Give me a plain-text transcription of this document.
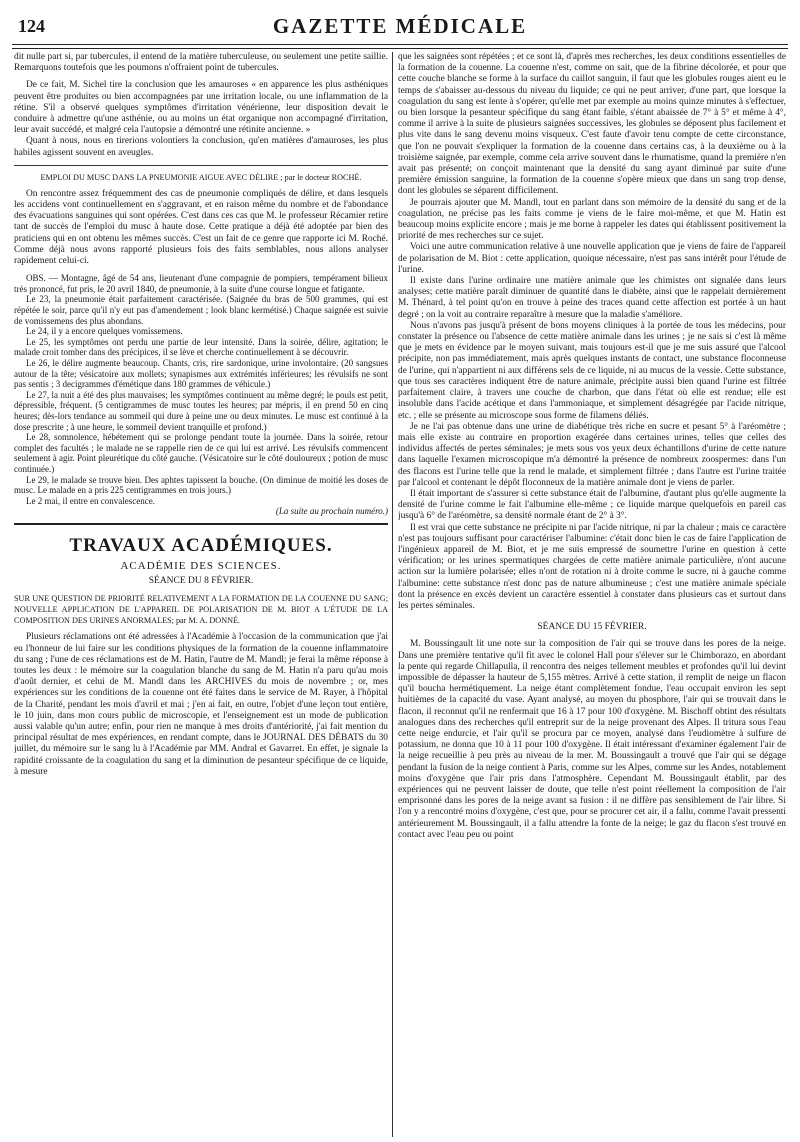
124	GAZETTE MÉDICALE

dit nulle part si, par tubercules, il entend de la matière tuberculeuse, ou seulement une petite saillie. Remarquons toutefois que les poumons n'offraient point de tubercules.

De ce fait, M. Sichel tire la conclusion que les amauroses « en apparence les plus asthéniques peuvent être produites ou bien accompagnées par une irritation locale, ou une inflammation de la rétine. S'il a observé quelques symptômes d'irritation vénérienne, leur disposition devait le conduire à admettre qu'une asthénie, ou au moins un état organique non accompagné d'irritation, leur avait succédé, et malgré cela l'autopsie a démontré une rétinite ancienne. »

Quant à nous, nous en tirerions volontiers la conclusion, qu'en matières d'amauroses, les plus habiles agissent souvent en aveugles.

EMPLOI DU MUSC DANS LA PNEUMONIE AIGUE AVEC DÉLIRE ; par le docteur ROCHÉ.

On rencontre assez fréquemment des cas de pneumonie compliqués de délire, et dans lesquels les accidens vont continuellement en s'aggravant, et en raison même du nombre et de l'abondance des évacuations sanguines qui sont opérées. C'est dans ces cas que M. le professeur Récamier retire tant de succès de l'emploi du musc à haute dose. Cette pratique a déjà été adoptée par bien des praticiens qui en ont obtenu les mêmes succès. C'est un fait de ce genre que rapporte ici M. Roché. Comme déjà nous avons rapporté plusieurs fois des faits semblables, nous allons analyser rapidement celui-ci.

OBS. — Montagne, âgé de 54 ans, lieutenant d'une compagnie de pompiers, tempérament bilieux très prononcé, fut pris, le 20 avril 1840, de pneumonie, à la suite d'une course longue et fatigante.

Le 23, la pneumonie était parfaitement caractérisée. (Saignée du bras de 500 grammes, qui est répétée le soir, parce qu'il n'y eut pas d'amendement ; look blanc kermétisé.) Chaque saignée est suivie de vomissemens des plus abondans.

Le 24, il y a encore quelques vomissemens.

Le 25, les symptômes ont perdu une partie de leur intensité. Dans la soirée, délire, agitation; le malade croit tomber dans des précipices, il se lève et cherche continuellement à se découvrir.

Le 26, le délire augmente beaucoup. Chants, cris, rire sardonique, urine involontaire. (20 sangsues autour de la tête; vésicatoire aux mollets; synapismes aux extrémités inférieures; les révulsifs ne sont pas sentis ; 3 decigrammes d'émétique dans 180 grammes de véhicule.)

Le 27, la nuit a été des plus mauvaises; les symptômes continuent au même degré; le pouls est petit, dépressible, fréquent. (5 centigrammes de musc toutes les heures; par mépris, il en prend 50 en cinq heures; dès-lors tendance au sommeil qui dure à peine une ou deux minutes. Le musc est continué à la dose prescrite ; à une heure, le sommeil devient tranquille et profond.)

Le 28, somnolence, hébétement qui se prolonge pendant toute la journée. Dans la soirée, retour complet des facultés ; le malade ne se rappelle rien de ce qui lui est arrivé. Les révulsifs commencent seulement à agir. Point pleurétique du côté gauche. (Vésicatoire sur le côté douloureux ; potion de musc continuée.)

Le 29, le malade se trouve bien. Des aphtes tapissent la bouche. (On diminue de moitié les doses de musc. Le malade en a pris 225 centigrammes en trois jours.)

Le 2 mai, il entre en convalescence.

(La suite au prochain numéro.)

TRAVAUX ACADÉMIQUES.
ACADÉMIE DES SCIENCES.
SÉANCE DU 8 FÉVRIER.
SUR UNE QUESTION DE PRIORITÉ RELATIVEMENT A LA FORMATION DE LA COUENNE DU SANG; NOUVELLE APPLICATION DE L'APPAREIL DE POLARISATION DE M. BIOT A L'ÉTUDE DE LA COMPOSITION DES URINES ANORMALES; par M. A. DONNÉ.

Plusieurs réclamations ont été adressées à l'Académie à l'occasion de la communication que j'ai eu l'honneur de lui faire sur les conditions physiques de la formation de la couenne inflammatoire du sang ; l'une de ces réclamations est de M. Hatin, l'autre de M. Mandl; je ferai la même réponse à toutes les deux : le mémoire sur la coagulation blanche du sang de M. Hatin n'a paru qu'au mois d'août dernier, et celui de M. Mandl dans les ARCHIVES du mois de novembre ; or, mes expériences sur les conditions de la couenne ont été faites dans le service de M. Rayer, à l'hôpital de la Charité, pendant les mois d'avril et mai ; j'en ai fait, en outre, l'objet d'une leçon tout entière, le 10 juin, dans mon cours public de microscopie, et l'enseignement est un mode de publication aussi valable qu'un autre; enfin, pour rien ne manque à mes droits d'antériorité, j'ai fait mention du principal résultat de mes expériences, en rendant compte, dans le JOURNAL DES DÉBATS du 30 juillet, du mémoire sur le sang lu à l'Académie par MM. Andral et Gavarret. En effet, je signale la rapidité croissante de la coagulation du sang et la diminution de pesanteur spécifique de ce liquide, à mesure

que les saignées sont répétées ; et ce sont là, d'après mes recherches, les deux conditions essentielles de la formation de la couenne. La couenne n'est, comme on sait, que de la fibrine décolorée, et pour que cette couche blanche se forme à la surface du caillot sanguin, il faut que les globules rouges aient eu le temps de s'abaisser au-dessous du niveau du liquide; ce qui ne peut arriver, d'une part, que lorsque la coagulation du sang est lente à s'opérer, qu'elle met par exemple au moins quinze minutes à s'effectuer, ou bien lorsque la pesanteur spécifique du sang étant faible, s'étant abaissée de 7° à 5° et même à 4°, comme il arrive à la suite de plusieurs saignées successives, les globules se déposent plus facilement et plus vite dans le sang devenu moins visqueux. C'est faute d'avoir tenu compte de cette circonstance, que l'on ne pouvait s'expliquer la formation de la couenne dans certains cas, à la deuxième ou à la troisième saignée, par exemple, comme cela arrive souvent dans le rhumatisme, quand la première n'en avait pas présenté; on conçoit maintenant que la densité du sang ayant diminué par suite d'une première émission sanguine, la formation de la couenne s'opère mieux que dans un sang trop dense, dont les globules se séparent difficilement.

Je pourrais ajouter que M. Mandl, tout en parlant dans son mémoire de la densité du sang et de la coagulation, ne précise pas les faits comme je viens de le faire moi-même, et que M. Hatin est beaucoup moins explicite encore ; mais je me borne à rappeler les dates qui établissent positivement la priorité de mes recherches sur ce sujet.

Voici une autre communication relative à une nouvelle application que je viens de faire de l'appareil de polarisation de M. Biot : cette application, quoique nécessaire, n'est pas sans intérêt pour l'étude de l'urine.

Il existe dans l'urine ordinaire une matière animale que les chimistes ont signalée dans leurs analyses; cette matière paraît diminuer de quantité dans le diabète, ainsi que le rappelait dernièrement M. Thénard, à tel point qu'on en trouve à peine des traces quand cette affection est portée à un haut degré ; on la voit au contraire reparaître à mesure que la maladie s'améliore.

Nous n'avons pas jusqu'à présent de bons moyens cliniques à la portée de tous les médecins, pour constater la présence ou l'absence de cette matière animale dans les urines ; je ne sais si c'est là même que je mets en évidence par le moyen suivant, mais toujours est-il que je me suis assuré que l'alcool précipite, non pas immédiatement, mais après quelques instants de contact, une substance floconneuse de l'urine, qui n'appartient ni aux différens sels de ce liquide, ni au mucus de la vessie. Cette substance, que tous ses caractères indiquent être de nature animale, précipite aussi bien quand l'urine est filtrée parfaitement claire, à travers une couche de charbon, que dans l'état où elle est rendue; elle est insoluble dans l'acide acétique et dans l'ammoniaque, et simplement désagrégée par l'acide nitrique, etc. ; elle se présente au microscope sous forme de filamens déliés.

Je ne l'ai pas obtenue dans une urine de diabétique très riche en sucre et pesant 5° à l'aréomètre ; mais elle existe au contraire en proportion exagérée dans certaines urines, telles que celles des individus affectés de pertes séminales; je mets sous vos yeux deux échantillons d'urine de cette nature dans laquelle l'examen microscopique m'a démontré la présence de nombreux zoospermes: dans l'un des flacons est l'urine telle que la rend le malade, et simplement filtrée ; dans l'autre est l'urine traitée par l'alcool et contenant le dépôt floconneux de la matière animale dont je viens de parler.

Il était important de s'assurer si cette substance était de l'albumine, d'autant plus qu'elle augmente la densité de l'urine comme le fait l'albumine elle-même ; ce liquide marque quelquefois en pareil cas jusqu'à 6° de l'aréomètre, sa densité normale étant de 2° à 3°.

Il est vrai que cette substance ne précipite ni par l'acide nitrique, ni par la chaleur ; mais ce caractère n'est pas toujours suffisant pour caractériser l'albumine: c'était donc bien le cas de faire l'application de l'ingénieux appareil de M. Biot, et je me suis empressé de soumettre l'urine en question à cette vérification; or les urines spermatiques chargées de cette matière animale particulière, n'ont aucune action sur la lumière polarisée; elles n'ont de rotation ni à droite comme le sucre, ni à gauche comme l'albumine: cette substance n'est donc pas de nature albumineuse ; c'est une matière animale spéciale dont la présence en excès devient un caractère essentiel à constater dans plusieurs cas et surtout dans les pertes séminales.

SÉANCE DU 15 FÉVRIER.

M. Boussingault lit une note sur la composition de l'air qui se trouve dans les pores de la neige. Dans une première tentative qu'il fit avec le colonel Hall pour s'élever sur le Chimborazo, en abordant la pente qui regarde Chillapulla, il rencontra des neiges tellement meubles et profondes qu'il lui devint impossible de dépasser la hauteur de 5,155 mètres. Arrivé à cette station, il remplit de neige un flacon qu'il boucha hermétiquement. La neige étant complètement fondue, l'eau occupait environ les sept huitièmes de la capacité du vase. Ayant analysé, au moyen du phosphore, l'air qui se trouvait dans le flacon, il reconnut qu'il ne renfermait que 16 à 17 pour 100 d'oxygène. M. Bischoff obtint des résultats analogues dans des recherches qu'il entreprit sur de la neige provenant des Alpes. Il tritura sous l'eau cette neige endurcie, et l'air qu'il se procura par ce moyen, analysé dans l'eudiomètre à sulfure de potassium, ne donna que 10 à 11 pour 100 d'oxygène. Il était intéressant d'examiner également l'air de la neige recueillie à peu près au niveau de la mer. M. Boussingault a trouvé que l'air qui se dégage pendant la fusion de la neige contient à Paris, comme sur les Alpes, comme sur les Andes, notablement moins d'oxygène que l'air pris dans l'atmosphère. Cependant M. Boussingault établit, par des expériences qui ne peuvent laisser de doute, que telle n'est point réellement la composition de l'air emprisonné dans les pores de la neige avant sa fusion : il ne diffère pas sensiblement de l'air libre. Si l'on y a rencontré moins d'oxygène, c'est que, pour se procurer cet air, il a fallu, comme l'avait pressenti antérieurement M. Boussingault, il a fallu attendre la fonte de la neige; le gaz du flacon s'est trouvé en contact avec l'eau peu ou point
